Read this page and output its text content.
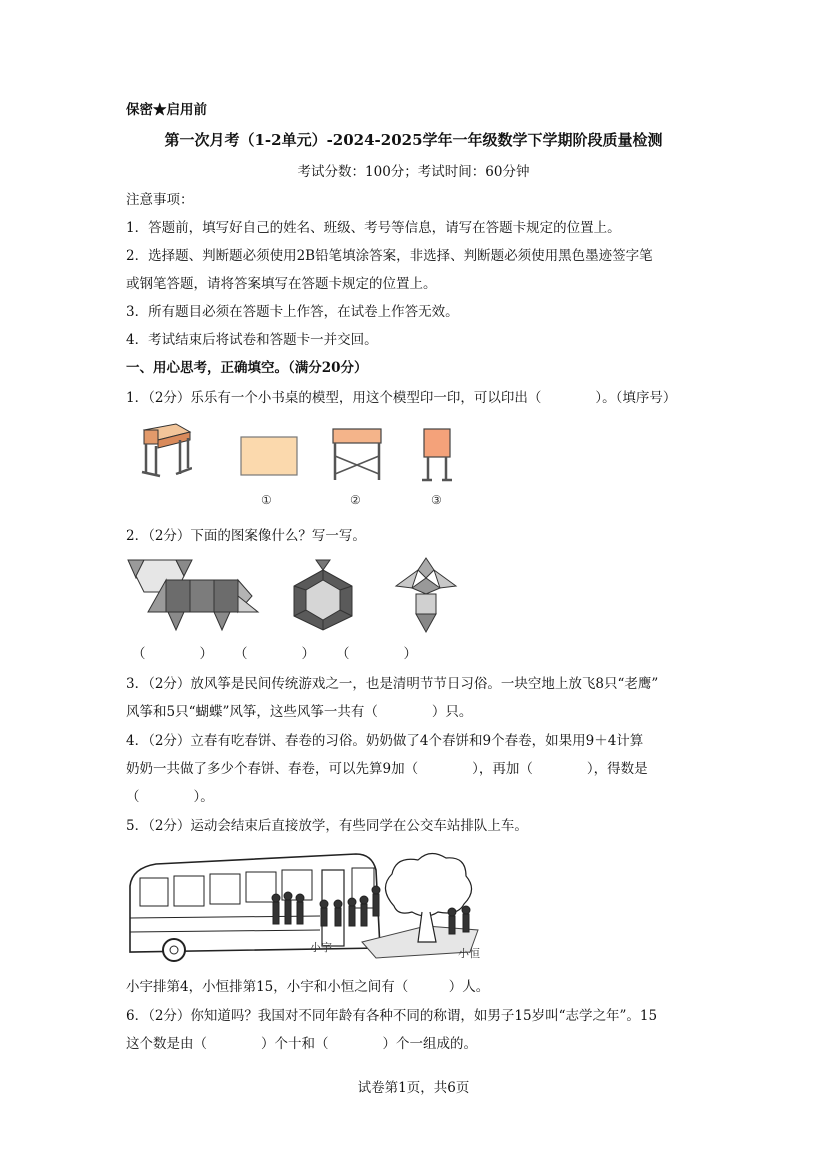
保密★启用前
第一次月考（1-2单元）-2024-2025学年一年级数学下学期阶段质量检测
考试分数：100分；考试时间：60分钟
注意事项：
1．答题前，填写好自己的姓名、班级、考号等信息，请写在答题卡规定的位置上。
2．选择题、判断题必须使用2B铅笔填涂答案，非选择、判断题必须使用黑色墨迹签字笔
或钢笔答题，请将答案填写在答题卡规定的位置上。
3．所有题目必须在答题卡上作答，在试卷上作答无效。
4．考试结束后将试卷和答题卡一并交回。
一、用心思考，正确填空。（满分20分）
1．（2分）乐乐有一个小书桌的模型，用这个模型印一印，可以印出（　　　　）。（填序号）
①	②	③
2．（2分）下面的图案像什么？写一写。
（　　　　） （　　　　） （　　　　）
3．（2分）放风筝是民间传统游戏之一，也是清明节节日习俗。一块空地上放飞8只“老鹰”
风筝和5只“蝴蝶”风筝，这些风筝一共有（　　　　）只。
4．（2分）立春有吃春饼、春卷的习俗。奶奶做了4个春饼和9个春卷，如果用9＋4计算
奶奶一共做了多少个春饼、春卷，可以先算9加（　　　　），再加（　　　　），得数是
（　　　　）。
5．（2分）运动会结束后直接放学，有些同学在公交车站排队上车。
小宇	小恒
小宇排第4，小恒排第15，小宇和小恒之间有（　　　）人。
6．（2分）你知道吗？我国对不同年龄有各种不同的称谓，如男子15岁叫“志学之年”。15
这个数是由（　　　　）个十和（　　　　）个一组成的。
试卷第1页，共6页
